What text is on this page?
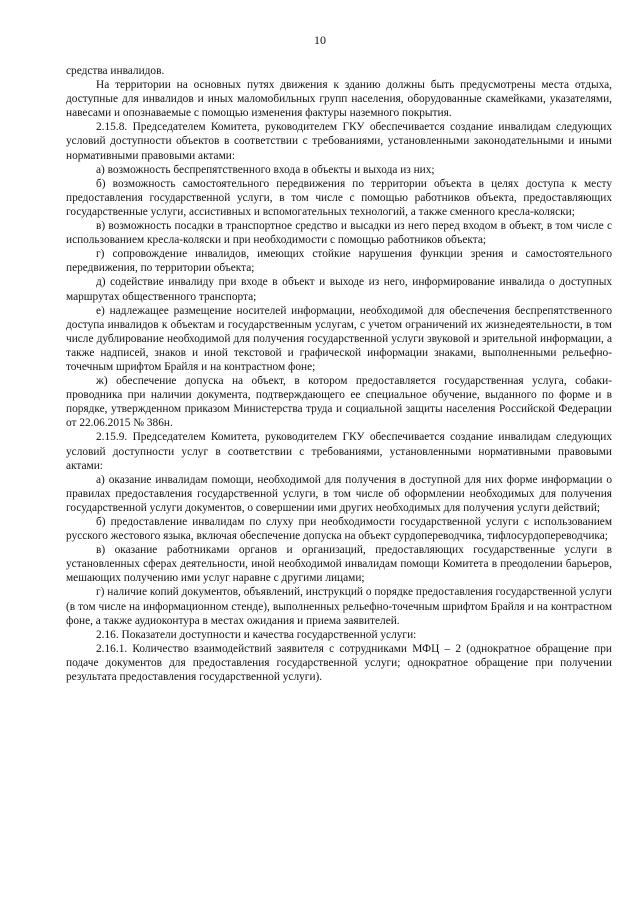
10

средства инвалидов.

На территории на основных путях движения к зданию должны быть предусмотрены места отдыха, доступные для инвалидов и иных маломобильных групп населения, оборудованные скамейками, указателями, навесами и опознаваемые с помощью изменения фактуры наземного покрытия.

2.15.8. Председателем Комитета, руководителем ГКУ обеспечивается создание инвалидам следующих условий доступности объектов в соответствии с требованиями, установленными законодательными и иными нормативными правовыми актами:

а) возможность беспрепятственного входа в объекты и выхода из них;

б) возможность самостоятельного передвижения по территории объекта в целях доступа к месту предоставления государственной услуги, в том числе с помощью работников объекта, предоставляющих государственные услуги, ассистивных и вспомогательных технологий, а также сменного кресла-коляски;

в) возможность посадки в транспортное средство и высадки из него перед входом в объект, в том числе с использованием кресла-коляски и при необходимости с помощью работников объекта;

г) сопровождение инвалидов, имеющих стойкие нарушения функции зрения и самостоятельного передвижения, по территории объекта;

д) содействие инвалиду при входе в объект и выходе из него, информирование инвалида о доступных маршрутах общественного транспорта;

е) надлежащее размещение носителей информации, необходимой для обеспечения беспрепятственного доступа инвалидов к объектам и государственным услугам, с учетом ограничений их жизнедеятельности, в том числе дублирование необходимой для получения государственной услуги звуковой и зрительной информации, а также надписей, знаков и иной текстовой и графической информации знаками, выполненными рельефно-точечным шрифтом Брайля и на контрастном фоне;

ж) обеспечение допуска на объект, в котором предоставляется государственная услуга, собаки-проводника при наличии документа, подтверждающего ее специальное обучение, выданного по форме и в порядке, утвержденном приказом Министерства труда и социальной защиты населения Российской Федерации от 22.06.2015 № 386н.

2.15.9. Председателем Комитета, руководителем ГКУ обеспечивается создание инвалидам следующих условий доступности услуг в соответствии с требованиями, установленными нормативными правовыми актами:

а) оказание инвалидам помощи, необходимой для получения в доступной для них форме информации о правилах предоставления государственной услуги, в том числе об оформлении необходимых для получения государственной услуги документов, о совершении ими других необходимых для получения услуги действий;

б) предоставление инвалидам по слуху при необходимости государственной услуги с использованием русского жестового языка, включая обеспечение допуска на объект сурдопереводчика, тифлосурдопереводчика;

в) оказание работниками органов и организаций, предоставляющих государственные услуги в установленных сферах деятельности, иной необходимой инвалидам помощи Комитета в преодолении барьеров, мешающих получению ими услуг наравне с другими лицами;

г) наличие копий документов, объявлений, инструкций о порядке предоставления государственной услуги (в том числе на информационном стенде), выполненных рельефно-точечным шрифтом Брайля и на контрастном фоне, а также аудиоконтура в местах ожидания и приема заявителей.

2.16. Показатели доступности и качества государственной услуги:

2.16.1. Количество взаимодействий заявителя с сотрудниками МФЦ – 2 (однократное обращение при подаче документов для предоставления государственной услуги; однократное обращение при получении результата предоставления государственной услуги).
